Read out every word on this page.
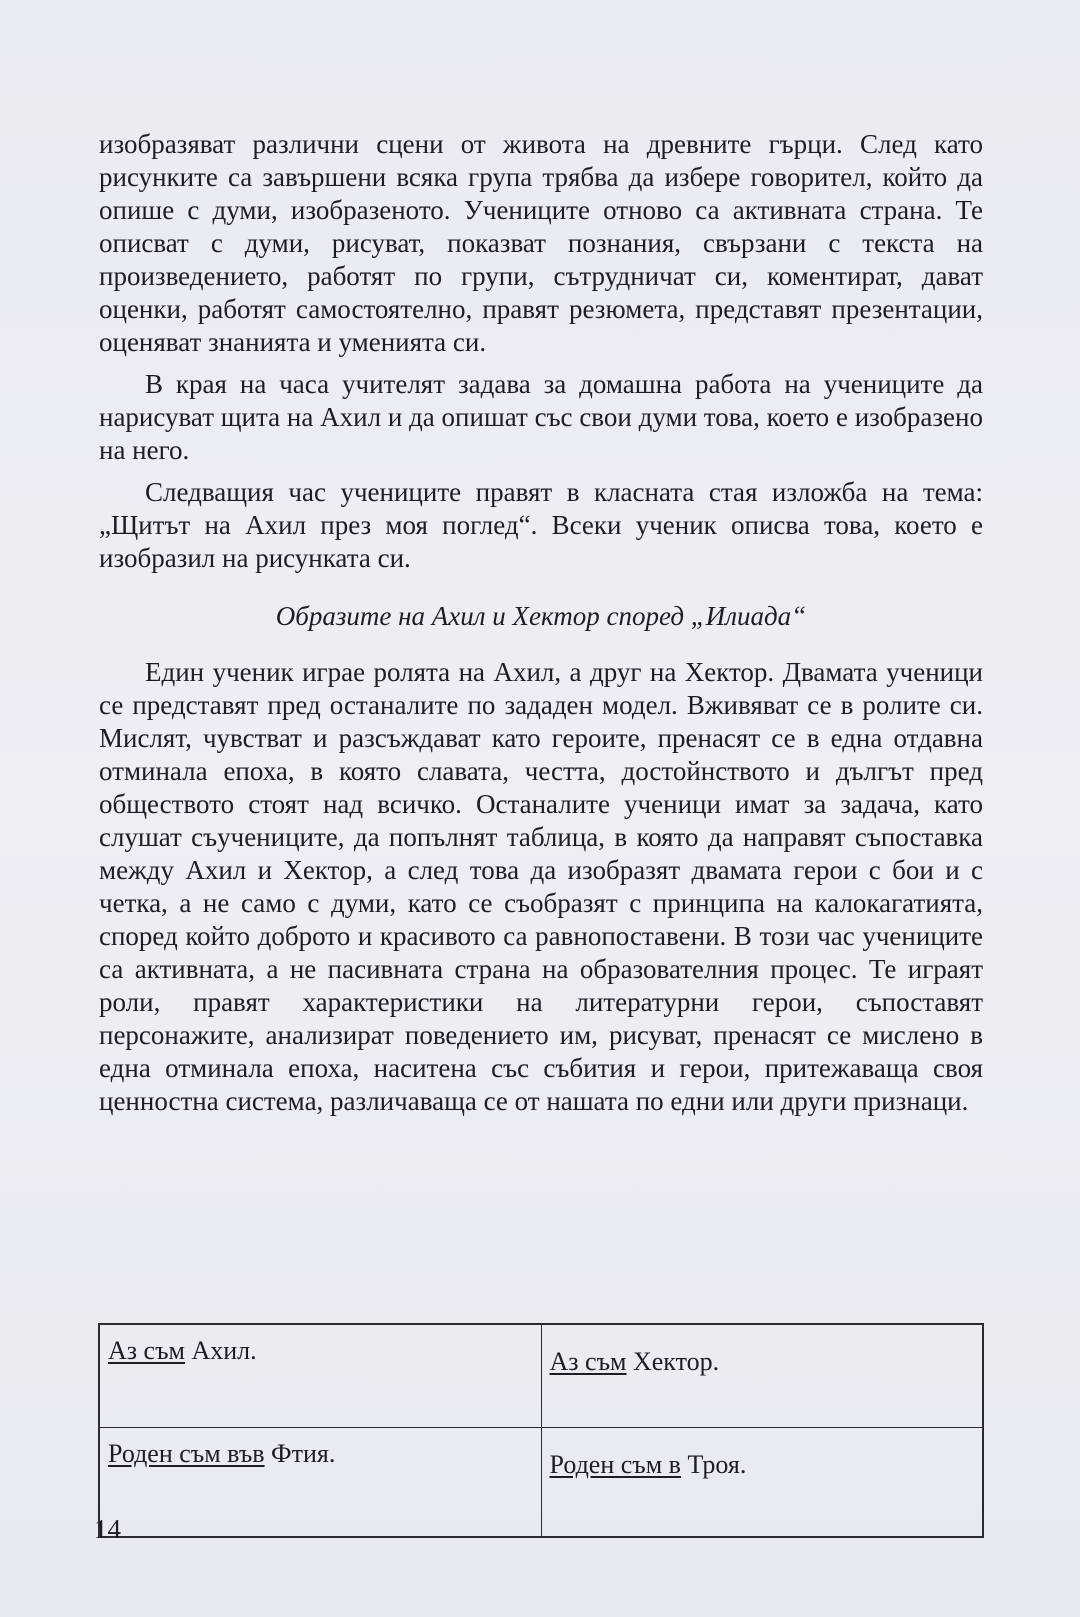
изобразяват различни сцени от живота на древните гърци. След като рисунките са завършени всяка група трябва да избере говорител, който да опише с думи, изобразеното. Учениците отново са активната страна. Те описват с думи, рисуват, показват познания, свързани с текста на произведението, работят по групи, сътрудничат си, коментират, дават оценки, работят самостоятелно, правят резюмета, представят презентации, оценяват знанията и уменията си.

В края на часа учителят задава за домашна работа на учениците да нарисуват щита на Ахил и да опишат със свои думи това, което е изобразено на него.

Следващия час учениците правят в класната стая изложба на тема: „Щитът на Ахил през моя поглед“. Всеки ученик описва това, което е изобразил на рисунката си.

Образите на Ахил и Хектор според „Илиада“

Един ученик играе ролята на Ахил, а друг на Хектор. Двамата ученици се представят пред останалите по зададен модел. Вживяват се в ролите си. Мислят, чувстват и разсъждават като героите, пренасят се в една отдавна отминала епоха, в която славата, честта, достойнството и дългът пред обществото стоят над всичко. Останалите ученици имат за задача, като слушат съучениците, да попълнят таблица, в която да направят съпоставка между Ахил и Хектор, а след това да изобразят двамата герои с бои и с четка, а не само с думи, като се съобразят с принципа на калокагатията, според който доброто и красивото са равнопоставени. В този час учениците са активната, а не пасивната страна на образователния процес. Те играят роли, правят характеристики на литературни герои, съпоставят персонажите, анализират поведението им, рисуват, пренасят се мислено в една отминала епоха, наситена със събития и герои, притежаваща своя ценностна система, различаваща се от нашата по едни или други признаци.

Аз съм Ахил.	Аз съм Хектор.
Роден съм във Фтия.	Роден съм в Троя.
14
